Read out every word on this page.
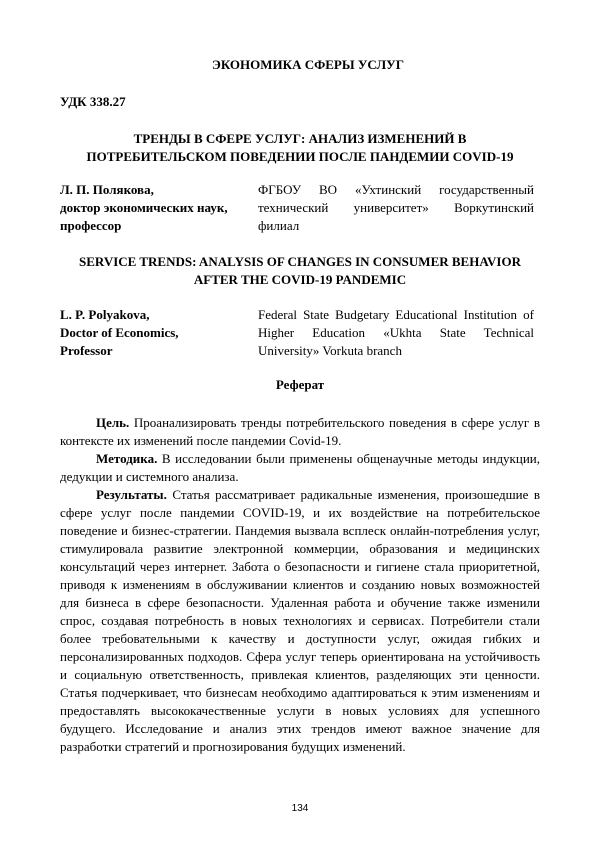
ЭКОНОМИКА СФЕРЫ УСЛУГ
УДК 338.27
ТРЕНДЫ В СФЕРЕ УСЛУГ: АНАЛИЗ ИЗМЕНЕНИЙ В
ПОТРЕБИТЕЛЬСКОМ ПОВЕДЕНИИ ПОСЛЕ ПАНДЕМИИ COVID-19
Л. П. Полякова,
доктор экономических наук,
профессор
ФГБОУ ВО «Ухтинский государственный технический университет» Воркутинский филиал
SERVICE TRENDS: ANALYSIS OF CHANGES IN CONSUMER BEHAVIOR
AFTER THE COVID-19 PANDEMIC
L. P. Polyakova,
Doctor of Economics,
Professor
Federal State Budgetary Educational Institution of Higher Education «Ukhta State Technical University» Vorkuta branch
Реферат

Цель. Проанализировать тренды потребительского поведения в сфере услуг в контексте их изменений после пандемии Covid-19.

Методика. В исследовании были применены общенаучные методы индукции, дедукции и системного анализа.

Результаты. Статья рассматривает радикальные изменения, произошедшие в сфере услуг после пандемии COVID-19, и их воздействие на потребительское поведение и бизнес-стратегии. Пандемия вызвала всплеск онлайн-потребления услуг, стимулировала развитие электронной коммерции, образования и медицинских консультаций через интернет. Забота о безопасности и гигиене стала приоритетной, приводя к изменениям в обслуживании клиентов и созданию новых возможностей для бизнеса в сфере безопасности. Удаленная работа и обучение также изменили спрос, создавая потребность в новых технологиях и сервисах. Потребители стали более требовательными к качеству и доступности услуг, ожидая гибких и персонализированных подходов. Сфера услуг теперь ориентирована на устойчивость и социальную ответственность, привлекая клиентов, разделяющих эти ценности. Статья подчеркивает, что бизнесам необходимо адаптироваться к этим изменениям и предоставлять высококачественные услуги в новых условиях для успешного будущего. Исследование и анализ этих трендов имеют важное значение для разработки стратегий и прогнозирования будущих изменений.

134
